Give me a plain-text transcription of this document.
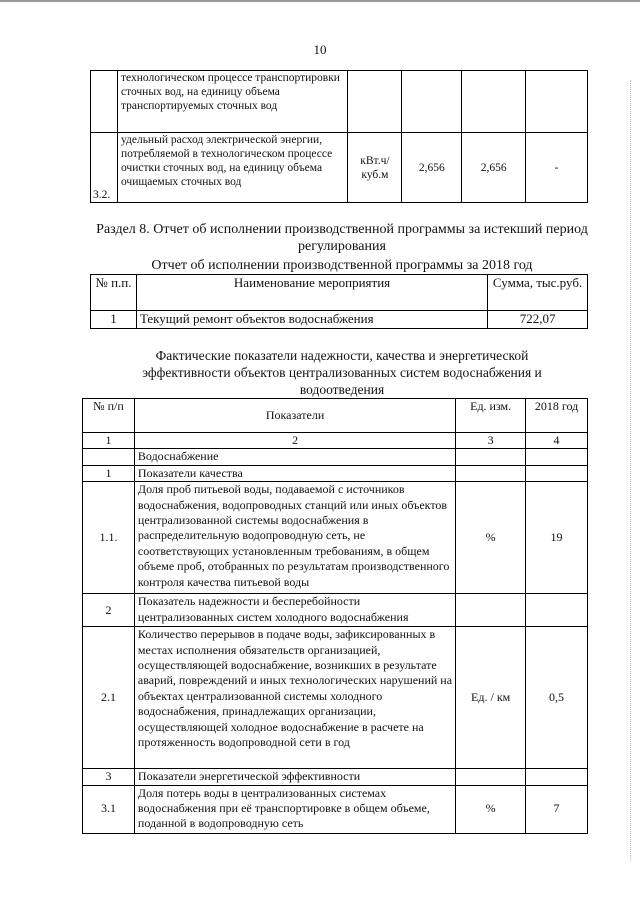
10
	технологическом процессе транспортировки сточных вод, на единицу объема транспортируемых сточных вод				
3.2.	удельный расход электрической энергии, потребляемой в технологическом процессе очистки сточных вод, на единицу объема очищаемых сточных вод	кВт.ч/ куб.м	2,656	2,656	-
Раздел 8. Отчет об исполнении производственной программы за истекший период регулирования
Отчет об исполнении производственной программы за 2018 год
№ п.п.	Наименование мероприятия	Сумма, тыс.руб.
1	Текущий ремонт объектов водоснабжения	722,07
Фактические показатели надежности, качества и энергетической эффективности объектов централизованных систем водоснабжения и водоотведения
№ п/п	Показатели	Ед. изм.	2018 год
1	2	3	4
	Водоснабжение		
1	Показатели качества		
1.1.	Доля проб питьевой воды, подаваемой с источников водоснабжения, водопроводных станций или иных объектов централизованной системы водоснабжения в распределительную водопроводную сеть, не соответствующих установленным требованиям, в общем объеме проб, отобранных по результатам производственного контроля качества питьевой воды	%	19
2	Показатель надежности и бесперебойности централизованных систем холодного водоснабжения		
2.1	Количество перерывов в подаче воды, зафиксированных в местах исполнения обязательств организацией, осуществляющей водоснабжение, возникших в результате аварий, повреждений и иных технологических нарушений на объектах централизованной системы холодного водоснабжения, принадлежащих организации, осуществляющей холодное водоснабжение в расчете на протяженность водопроводной сети в год	Ед. / км	0,5
3	Показатели энергетической эффективности		
3.1	Доля потерь воды в централизованных системах водоснабжения при её транспортировке в общем объеме, поданной в водопроводную сеть	%	7
